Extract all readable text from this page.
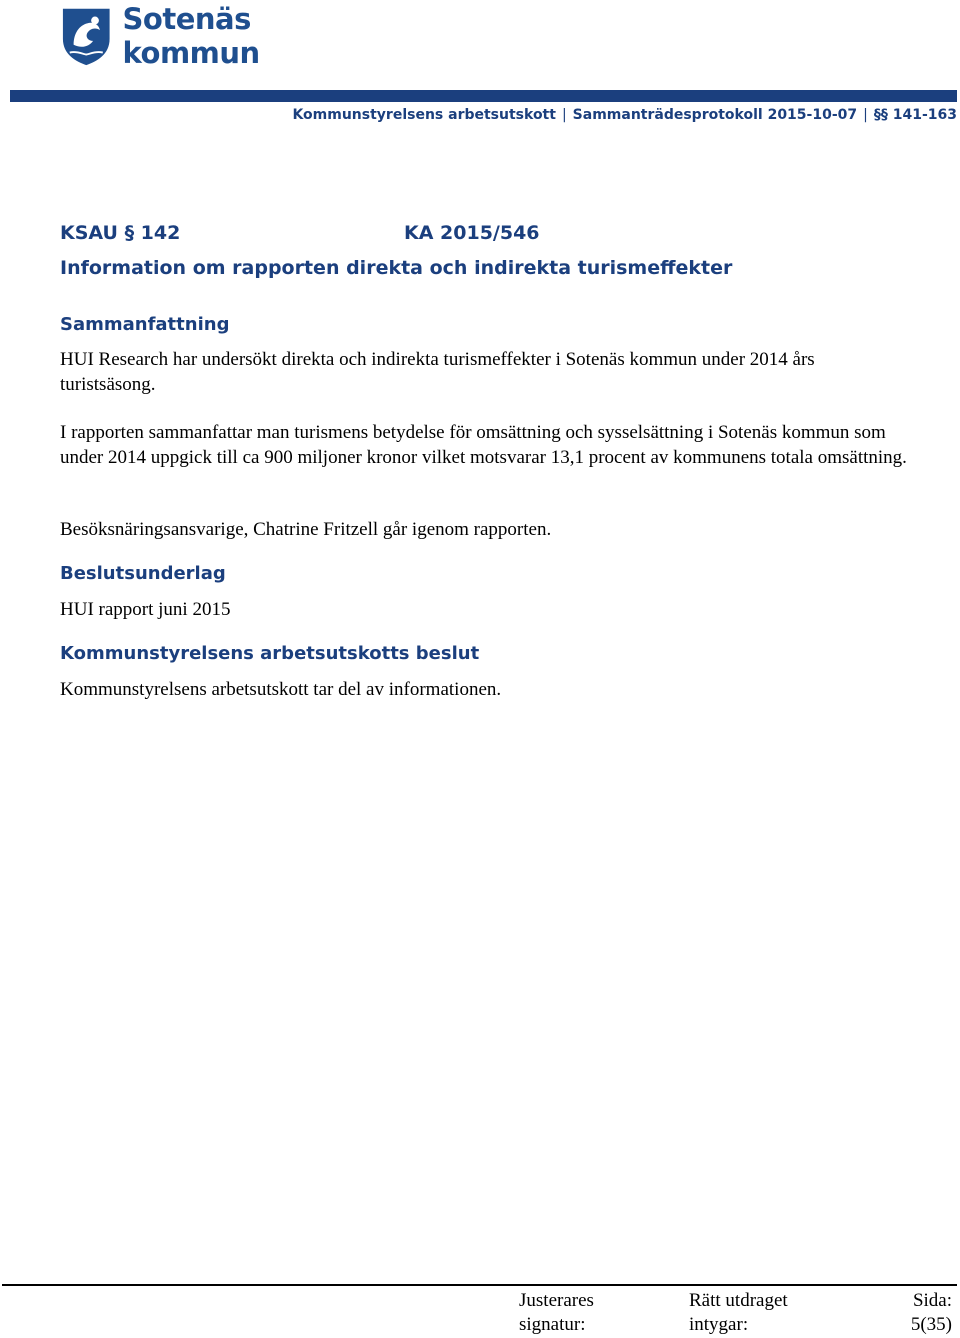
Sotenäs kommun
Kommunstyrelsens arbetsutskott | Sammanträdesprotokoll 2015-10-07 | §§ 141-163
KSAU § 142	KA 2015/546
Information om rapporten direkta och indirekta turismeffekter
Sammanfattning
HUI Research har undersökt direkta och indirekta turismeffekter i Sotenäs kommun under 2014 års turistsäsong.
I rapporten sammanfattar man turismens betydelse för omsättning och sysselsättning i Sotenäs kommun som under 2014 uppgick till ca 900 miljoner kronor vilket motsvarar 13,1 procent av kommunens totala omsättning.
Besöksnäringsansvarige, Chatrine Fritzell går igenom rapporten.
Beslutsunderlag
HUI rapport juni 2015
Kommunstyrelsens arbetsutskotts beslut
Kommunstyrelsens arbetsutskott tar del av informationen.
Justerares
signatur:
Rätt utdraget
intygar:
Sida:
5(35)
